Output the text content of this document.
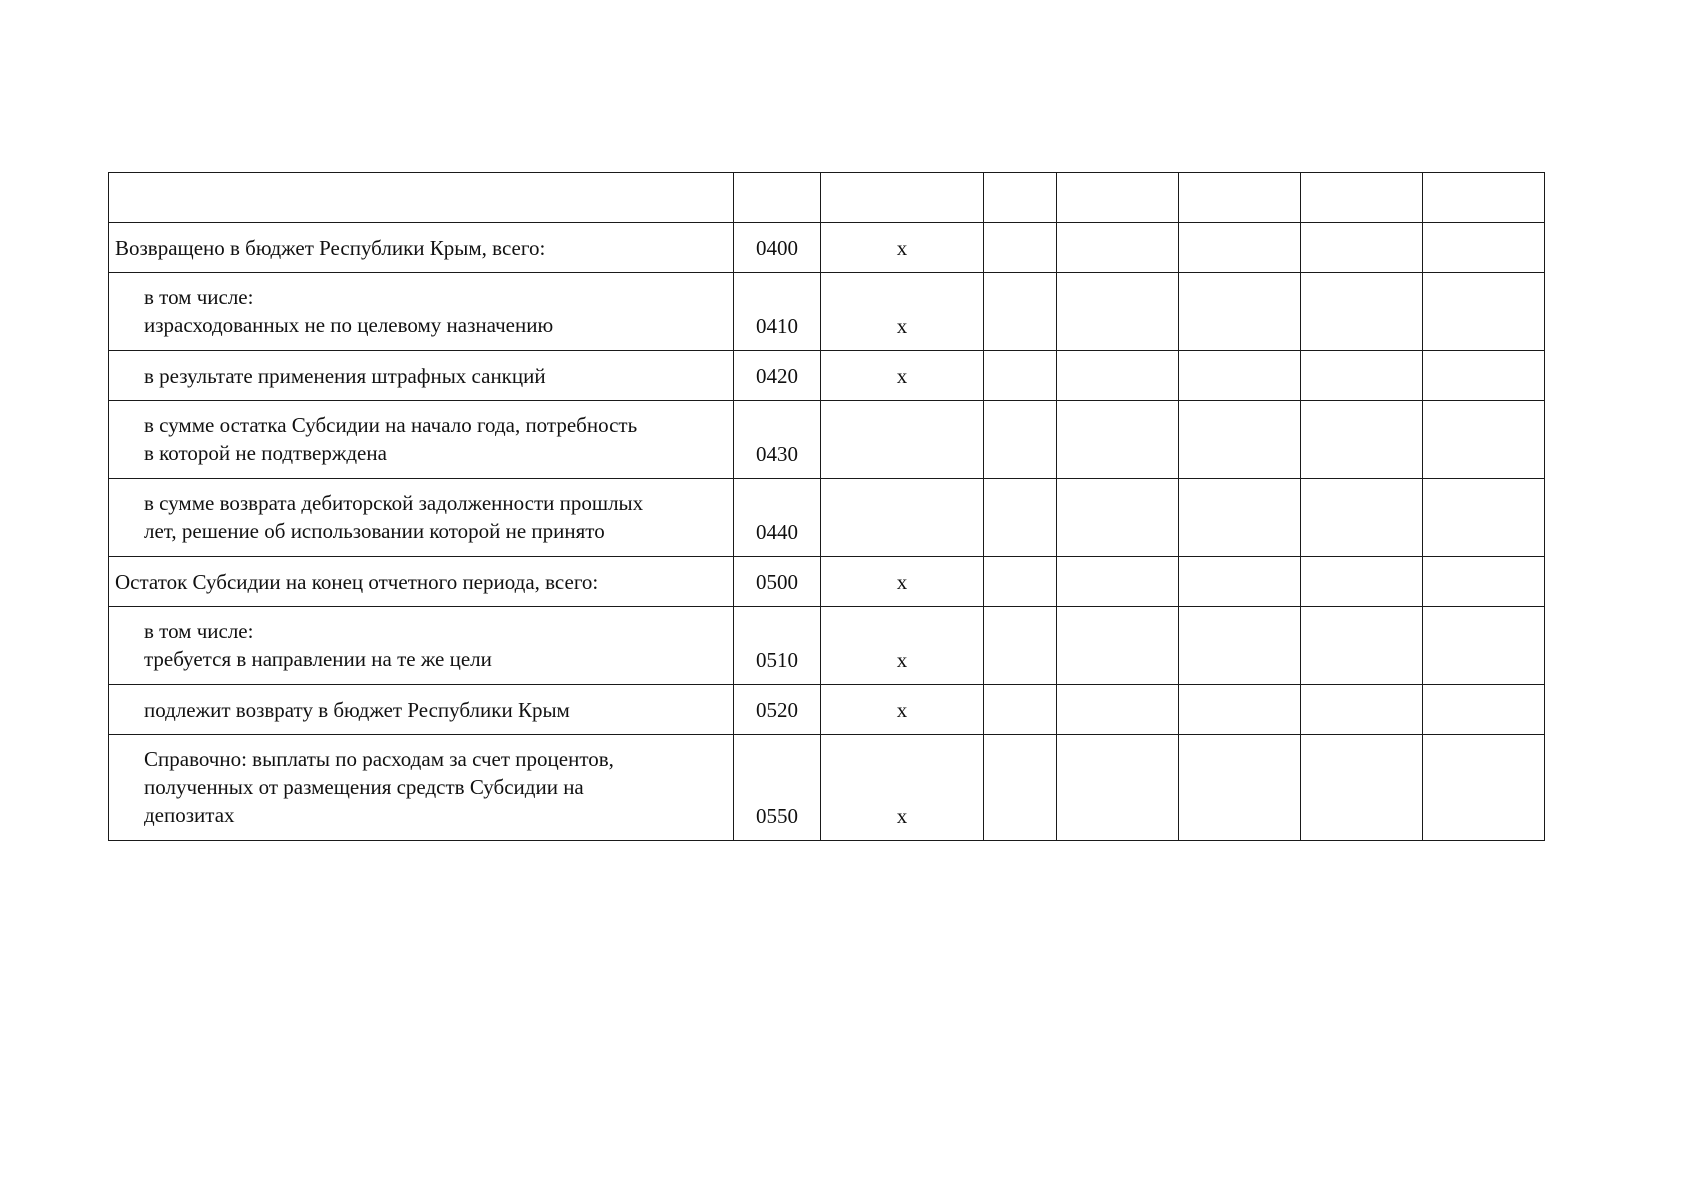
Возвращено в бюджет Республики Крым, всего:	0400	x					

в том числе:
израсходованных не по целевому назначению	0410	x					

в результате применения штрафных санкций	0420	x					

в сумме остатка Субсидии на начало года, потребность
в которой не подтверждена	0430						

в сумме возврата дебиторской задолженности прошлых
лет, решение об использовании которой не принято	0440						

Остаток Субсидии на конец отчетного периода, всего:	0500	x					

в том числе:
требуется в направлении на те же цели	0510	x					

подлежит возврату в бюджет Республики Крым	0520	x					

Справочно: выплаты по расходам за счет процентов,
полученных от размещения средств Субсидии на
депозитах	0550	x					
